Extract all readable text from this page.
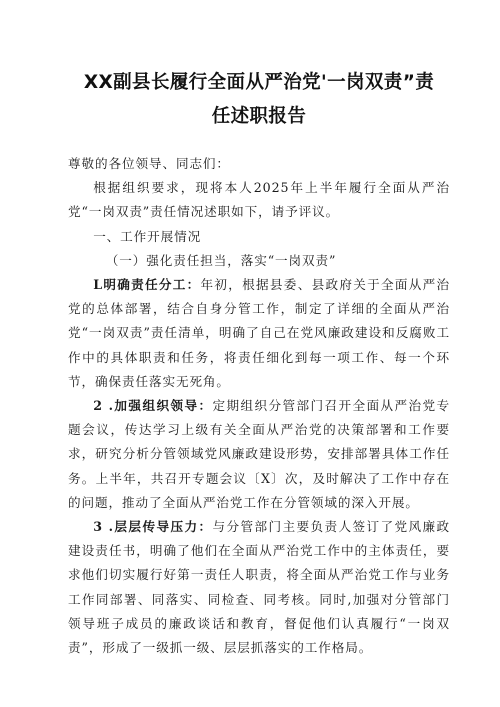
XX副县长履行全面从严治党'一岗双责”责
任述职报告

尊敬的各位领导、同志们：

根据组织要求，现将本人2025年上半年履行全面从严治党“一岗双责”责任情况述职如下，请予评议。

一、工作开展情况

（一）强化责任担当，落实“一岗双责”

L明确责任分工：年初，根据县委、县政府关于全面从严治党的总体部署，结合自身分管工作，制定了详细的全面从严治党“一岗双责”责任清单，明确了自己在党风廉政建设和反腐败工作中的具体职责和任务，将责任细化到每一项工作、每一个环节，确保责任落实无死角。

2 .加强组织领导：定期组织分管部门召开全面从严治党专题会议，传达学习上级有关全面从严治党的决策部署和工作要求，研究分析分管领域党风廉政建设形势，安排部署具体工作任务。上半年，共召开专题会议〔X〕次，及时解决了工作中存在的问题，推动了全面从严治党工作在分管领域的深入开展。

3 .层层传导压力：与分管部门主要负责人签订了党风廉政建设责任书，明确了他们在全面从严治党工作中的主体责任，要求他们切实履行好第一责任人职责，将全面从严治党工作与业务工作同部署、同落实、同检查、同考核。同时,加强对分管部门领导班子成员的廉政谈话和教育，督促他们认真履行“一岗双责”，形成了一级抓一级、层层抓落实的工作格局。
